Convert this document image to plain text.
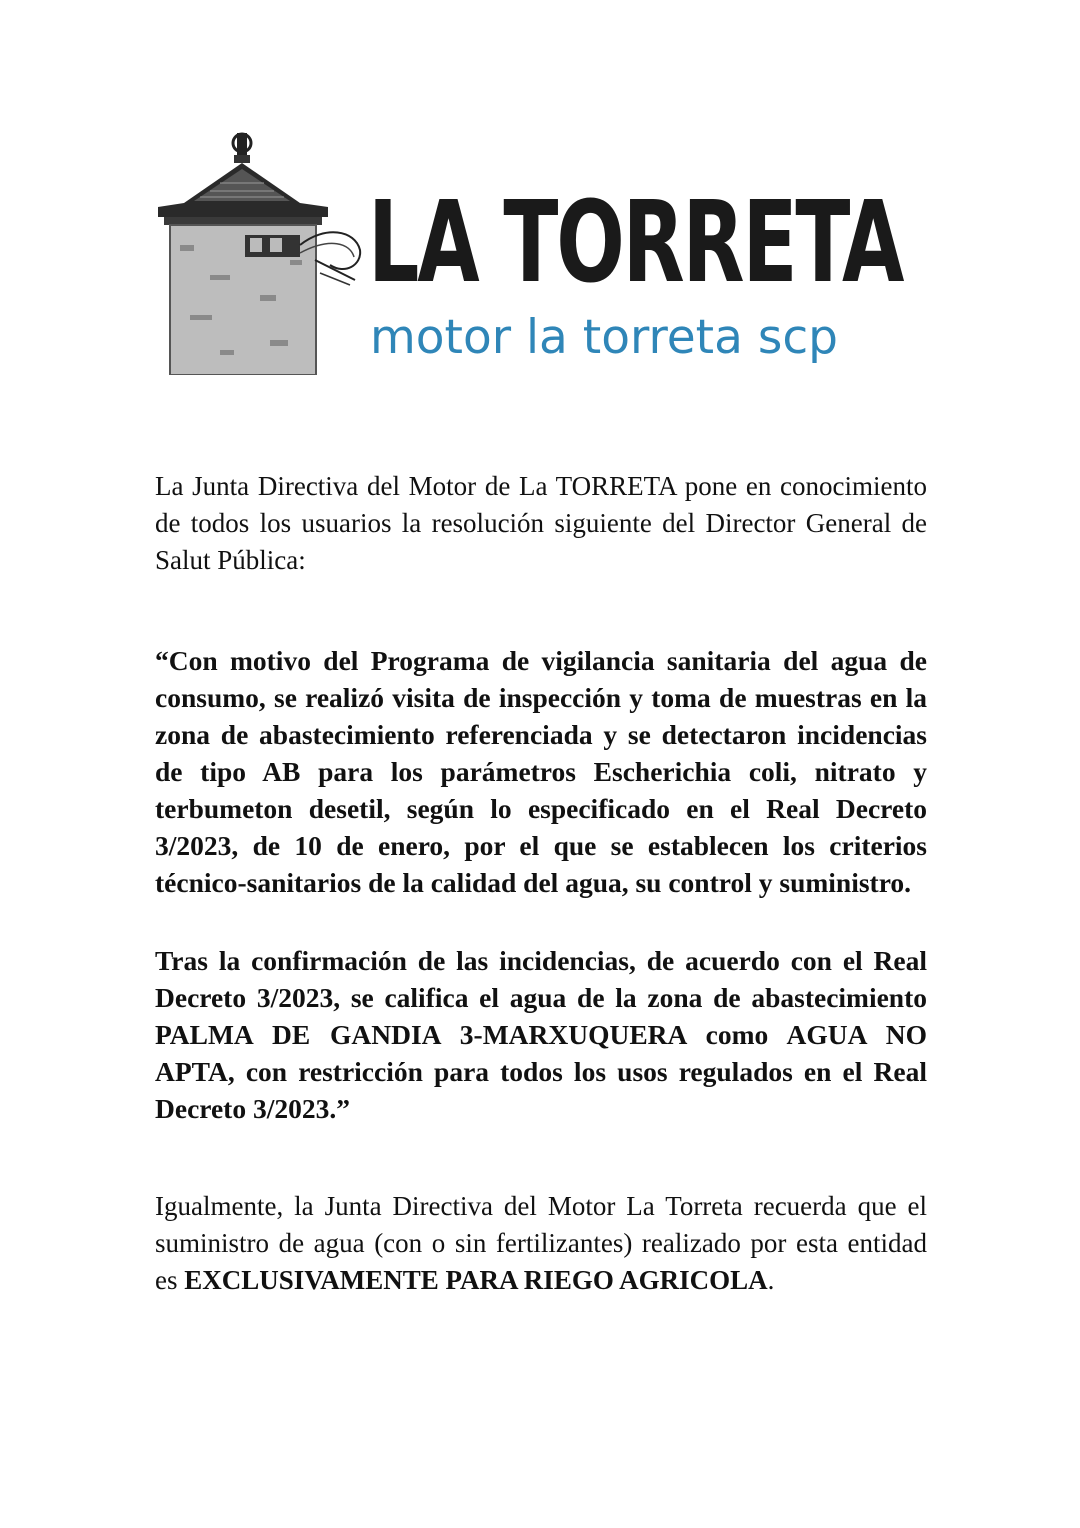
LA TORRETA
motor la torreta scp

La Junta Directiva del Motor de La TORRETA pone en conocimiento de todos los usuarios la resolución siguiente del Director General de Salut Pública:

“Con motivo del Programa de vigilancia sanitaria del agua de consumo, se realizó visita de inspección y toma de muestras en la zona de abastecimiento referenciada y se detectaron incidencias de tipo AB para los parámetros Escherichia coli, nitrato y terbumeton desetil, según lo especificado en el Real Decreto 3/2023, de 10 de enero, por el que se establecen los criterios técnico-sanitarios de la calidad del agua, su control y suministro.

Tras la confirmación de las incidencias, de acuerdo con el Real Decreto 3/2023, se califica el agua de la zona de abastecimiento PALMA DE GANDIA 3-MARXUQUERA como AGUA NO APTA, con restricción para todos los usos regulados en el Real Decreto 3/2023.”

Igualmente, la Junta Directiva del Motor La Torreta recuerda que el suministro de agua (con o sin fertilizantes) realizado por esta entidad es EXCLUSIVAMENTE PARA RIEGO AGRICOLA.
